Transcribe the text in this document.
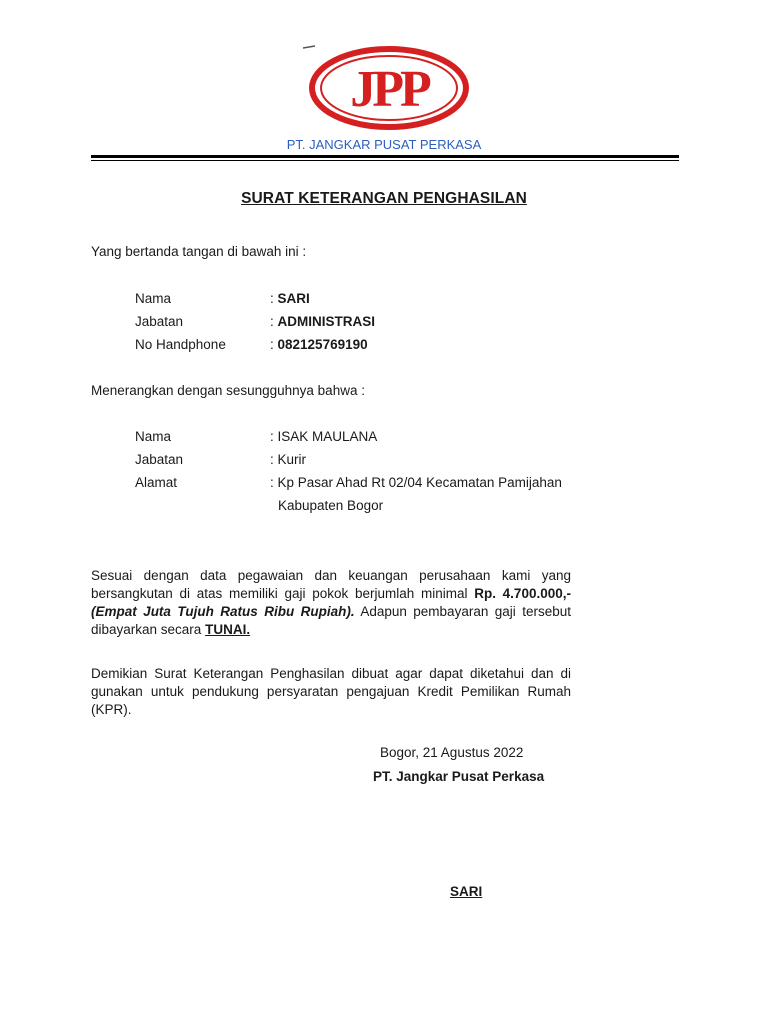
JPP
PT. JANGKAR PUSAT PERKASA
SURAT KETERANGAN PENGHASILAN
Yang bertanda tangan di bawah ini :
Nama	: SARI
Jabatan	: ADMINISTRASI
No Handphone	: 082125769190
Menerangkan dengan sesungguhnya bahwa :
Nama	: ISAK MAULANA
Jabatan	: Kurir
Alamat	: Kp Pasar Ahad Rt 02/04 Kecamatan Pamijahan
Kabupaten Bogor
Sesuai dengan data pegawaian dan keuangan perusahaan kami yang bersangkutan di atas memiliki gaji pokok berjumlah minimal Rp. 4.700.000,- (Empat Juta Tujuh Ratus Ribu Rupiah). Adapun pembayaran gaji tersebut dibayarkan secara TUNAI.
Demikian Surat Keterangan Penghasilan dibuat agar dapat diketahui dan di gunakan untuk pendukung persyaratan pengajuan Kredit Pemilikan Rumah (KPR).
Bogor, 21 Agustus 2022
PT. Jangkar Pusat Perkasa
SARI
